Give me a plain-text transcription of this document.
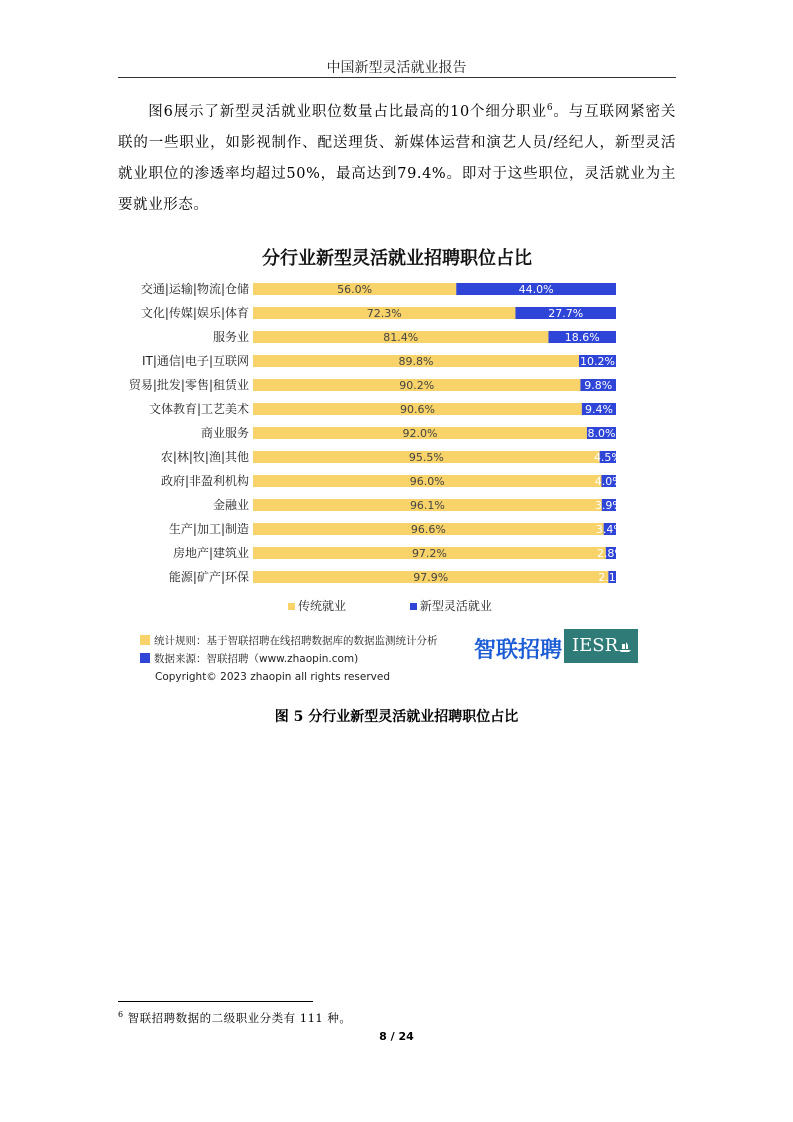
中国新型灵活就业报告
图6展示了新型灵活就业职位数量占比最高的10个细分职业$^6$。与互联网紧密关联的一些职业，如影视制作、配送理货、新媒体运营和演艺人员/经纪人，新型灵活就业职位的渗透率均超过50%，最高达到79.4%。即对于这些职位，灵活就业为主要就业形态。
分行业新型灵活就业招聘职位占比
交通|运输|物流|仓储	56.0%	44.0%
文化|传媒|娱乐|体育	72.3%	27.7%
服务业	81.4%	18.6%
IT|通信|电子|互联网	89.8%	10.2%
贸易|批发|零售|租赁业	90.2%	9.8%
文体教育|工艺美术	90.6%	9.4%
商业服务	92.0%	8.0%
农|林|牧|渔|其他	95.5%	4.5%
政府|非盈利机构	96.0%	4.0%
金融业	96.1%	3.9%
生产|加工|制造	96.6%	3.4%
房地产|建筑业	97.2%	2.8%
能源|矿产|环保	97.9%	2.1%
传统就业	新型灵活就业
统计规则：基于智联招聘在线招聘数据库的数据监测统计分析
数据来源：智联招聘（www.zhaopin.com)	智联招聘 IESR
Copyright© 2023 zhaopin all rights reserved
图 5 分行业新型灵活就业招聘职位占比
$^6$ 智联招聘数据的二级职业分类有 111 种。
8 / 24
